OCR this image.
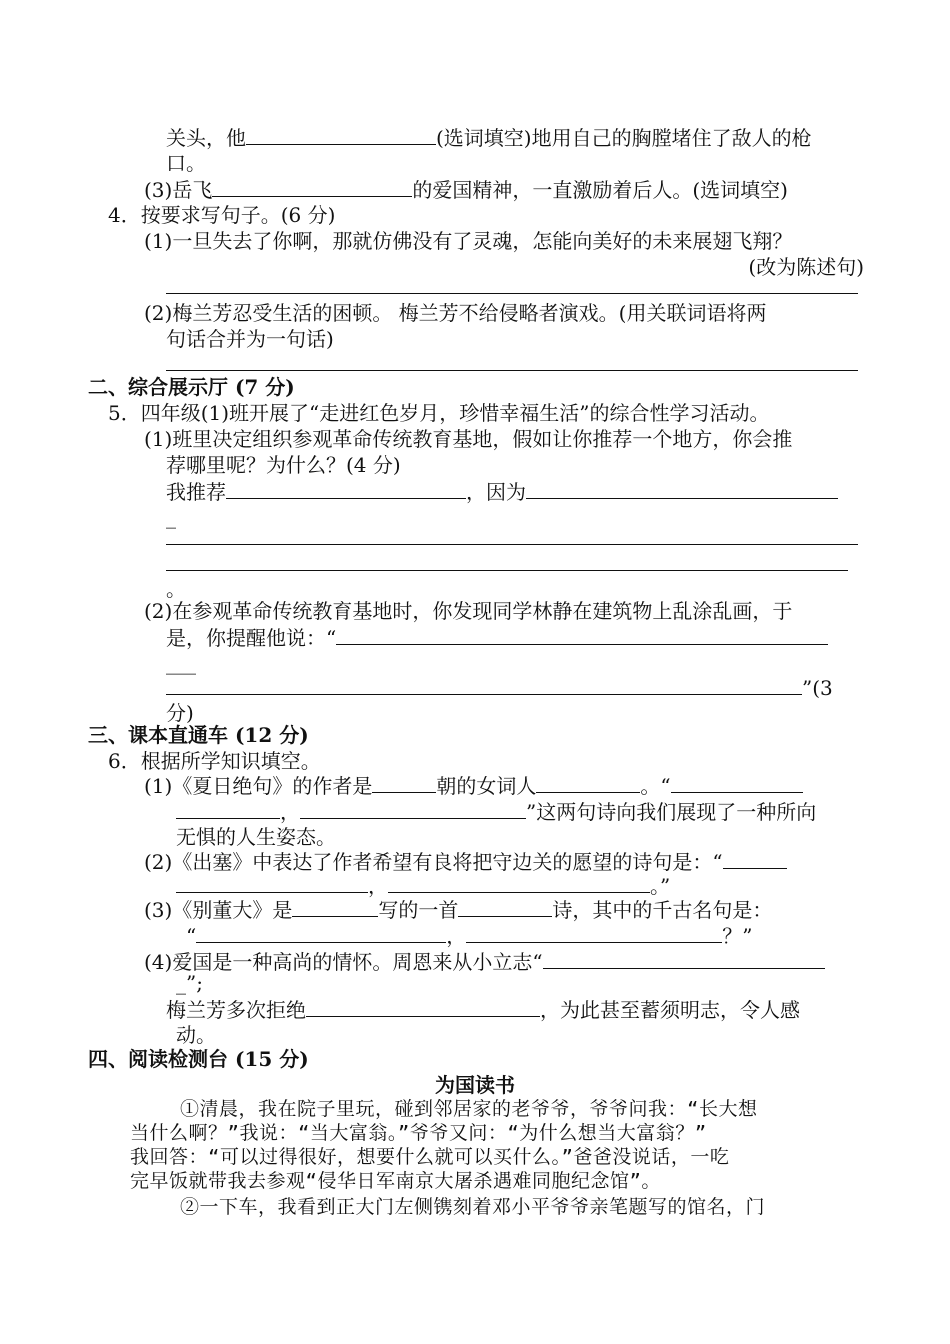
关头，他	(选词填空)地用自己的胸膛堵住了敌人的枪
口。
(3)岳飞	的爱国精神，一直激励着后人。(选词填空)
4．按要求写句子。(6 分)
(1)一旦失去了你啊，那就仿佛没有了灵魂，怎能向美好的未来展翅飞翔？
(改为陈述句)
(2)梅兰芳忍受生活的困顿。 梅兰芳不给侵略者演戏。(用关联词语将两
句话合并为一句话)
二、综合展示厅 (7 分)
5．四年级(1)班开展了“走进红色岁月，珍惜幸福生活”的综合性学习活动。
(1)班里决定组织参观革命传统教育基地，假如让你推荐一个地方，你会推
荐哪里呢？为什么？(4 分)
我推荐	，因为
_
。
(2)在参观革命传统教育基地时，你发现同学林静在建筑物上乱涂乱画，于
是，你提醒他说：“
___
”(3
分)
三、课本直通车 (12 分)
6．根据所学知识填空。
(1)《夏日绝句》的作者是	朝的女词人	。“
，	”这两句诗向我们展现了一种所向
无惧的人生姿态。
(2)《出塞》中表达了作者希望有良将把守边关的愿望的诗句是：“
，	。”
(3)《别董大》是	写的一首	诗，其中的千古名句是：
“	，	？”
(4)爱国是一种高尚的情怀。周恩来从小立志“
_”;
梅兰芳多次拒绝	，为此甚至蓄须明志，令人感
动。
四、阅读检测台 (15 分)
为国读书
①清晨，我在院子里玩，碰到邻居家的老爷爷，爷爷问我：“长大想
当什么啊？”我说：“当大富翁。”爷爷又问：“为什么想当大富翁？”
我回答：“可以过得很好，想要什么就可以买什么。”爸爸没说话，一吃
完早饭就带我去参观“侵华日军南京大屠杀遇难同胞纪念馆”。
②一下车，我看到正大门左侧镌刻着邓小平爷爷亲笔题写的馆名，门
